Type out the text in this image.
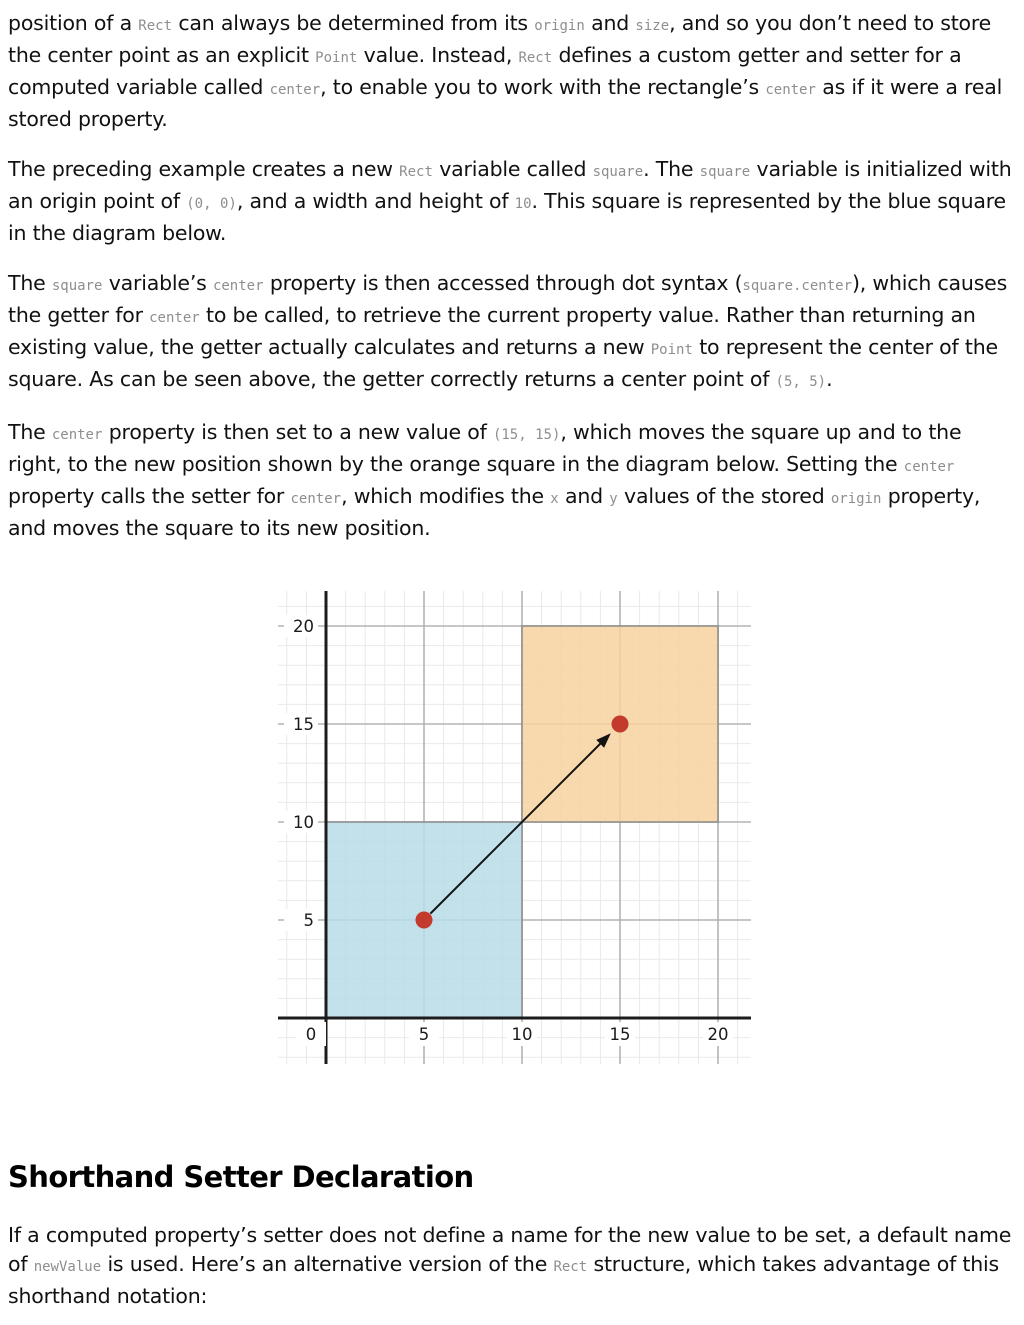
position of a Rect can always be determined from its origin and size, and so you don’t need to store the center point as an explicit Point value. Instead, Rect defines a custom getter and setter for a computed variable called center, to enable you to work with the rectangle’s center as if it were a real stored property.

The preceding example creates a new Rect variable called square. The square variable is initialized with an origin point of (0, 0), and a width and height of 10. This square is represented by the blue square in the diagram below.

The square variable’s center property is then accessed through dot syntax (square.center), which causes the getter for center to be called, to retrieve the current property value. Rather than returning an existing value, the getter actually calculates and returns a new Point to represent the center of the square. As can be seen above, the getter correctly returns a center point of (5, 5).

The center property is then set to a new value of (15, 15), which moves the square up and to the right, to the new position shown by the orange square in the diagram below. Setting the center property calls the setter for center, which modifies the x and y values of the stored origin property, and moves the square to its new position.

5
10
15
20
0	5	10	15	20
Shorthand Setter Declaration

If a computed property’s setter does not define a name for the new value to be set, a default name of newValue is used. Here’s an alternative version of the Rect structure, which takes advantage of this shorthand notation:
